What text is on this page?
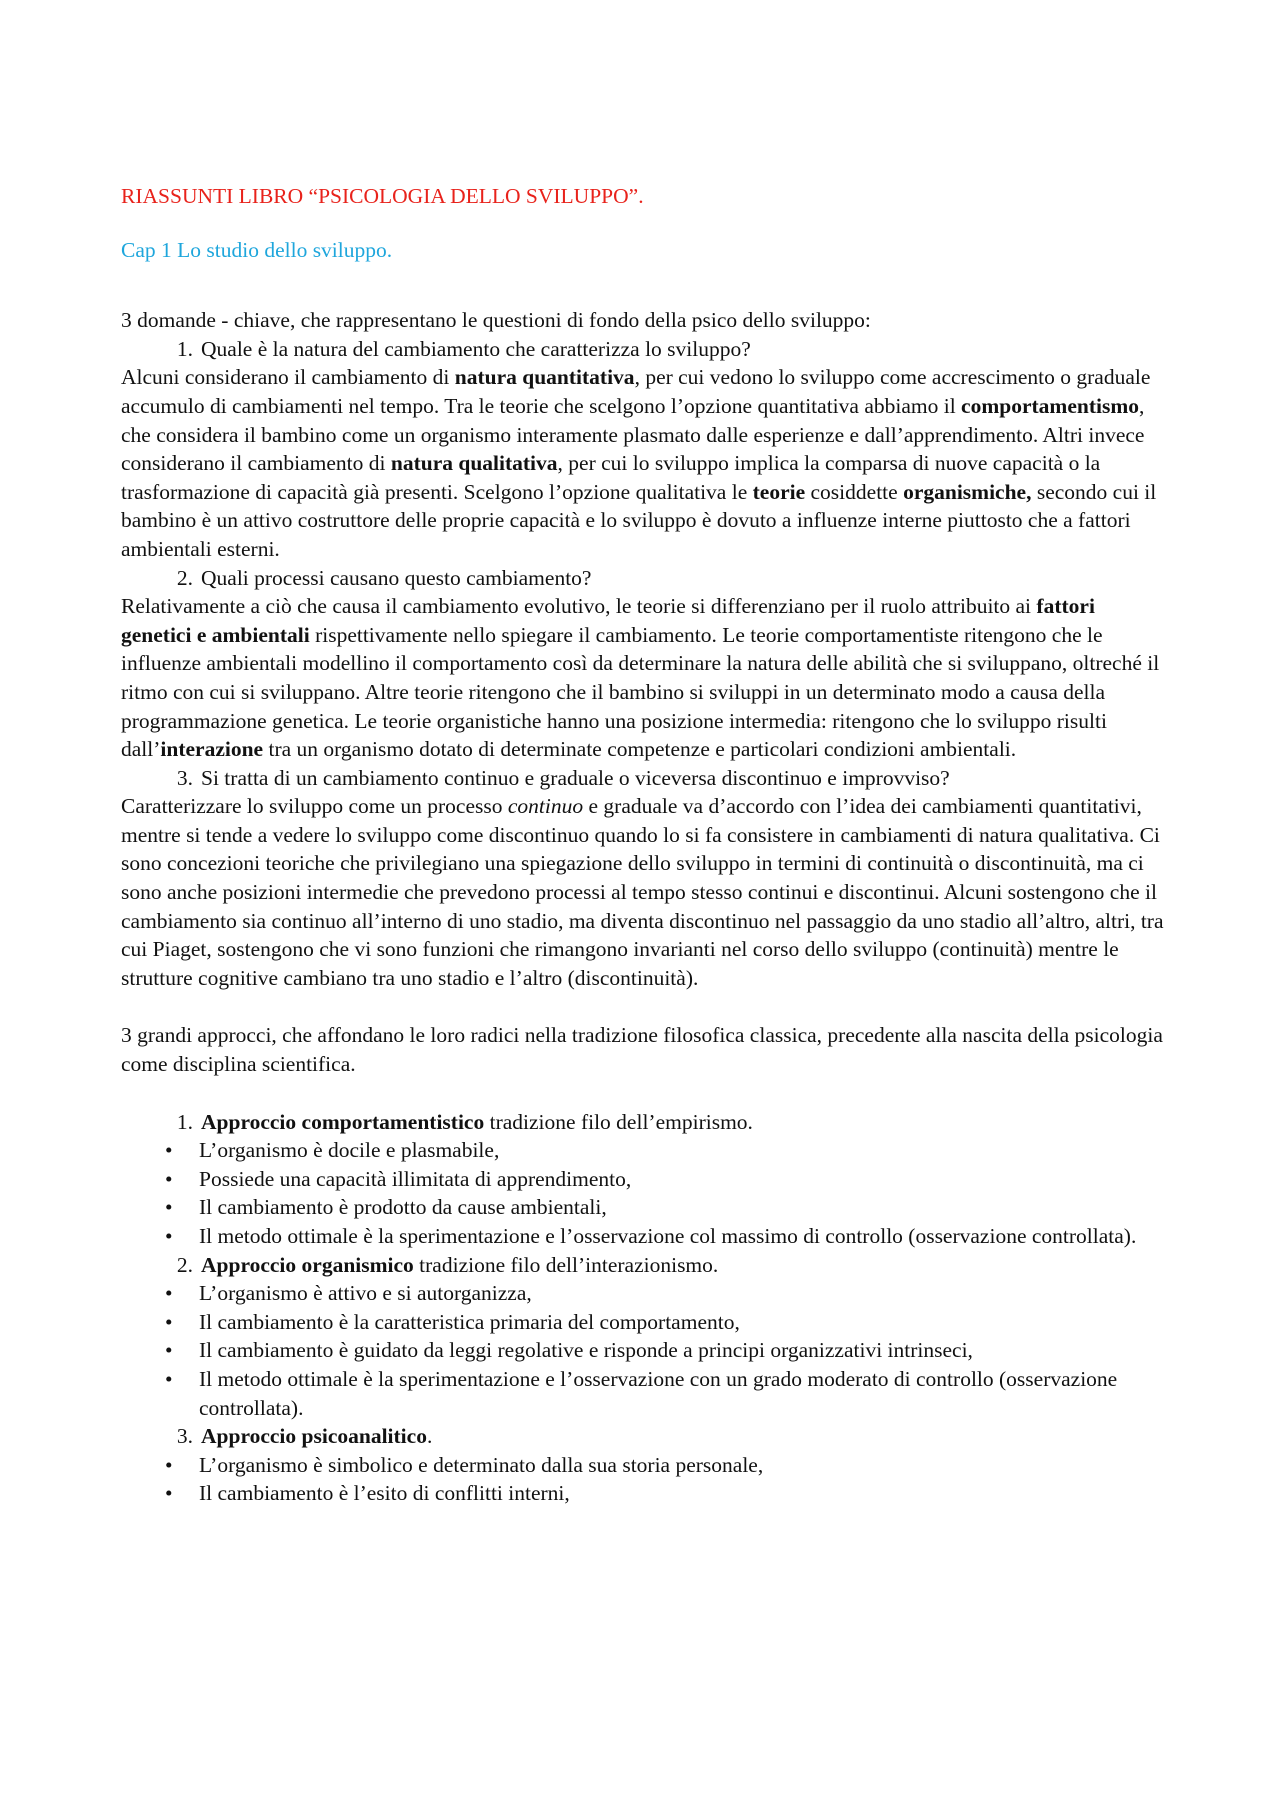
RIASSUNTI LIBRO “PSICOLOGIA DELLO SVILUPPO”.

Cap 1 Lo studio dello sviluppo.

3 domande - chiave, che rappresentano le questioni di fondo della psico dello sviluppo:

1. Quale è la natura del cambiamento che caratterizza lo sviluppo?

Alcuni considerano il cambiamento di natura quantitativa, per cui vedono lo sviluppo come accrescimento o graduale accumulo di cambiamenti nel tempo. Tra le teorie che scelgono l’opzione quantitativa abbiamo il comportamentismo, che considera il bambino come un organismo interamente plasmato dalle esperienze e dall’apprendimento. Altri invece considerano il cambiamento di natura qualitativa, per cui lo sviluppo implica la comparsa di nuove capacità o la trasformazione di capacità già presenti. Scelgono l’opzione qualitativa le teorie cosiddette organismiche, secondo cui il bambino è un attivo costruttore delle proprie capacità e lo sviluppo è dovuto a influenze interne piuttosto che a fattori ambientali esterni.

2. Quali processi causano questo cambiamento?

Relativamente a ciò che causa il cambiamento evolutivo, le teorie si differenziano per il ruolo attribuito ai fattori genetici e ambientali rispettivamente nello spiegare il cambiamento. Le teorie comportamentiste ritengono che le influenze ambientali modellino il comportamento così da determinare la natura delle abilità che si sviluppano, oltreché il ritmo con cui si sviluppano. Altre teorie ritengono che il bambino si sviluppi in un determinato modo a causa della programmazione genetica. Le teorie organistiche hanno una posizione intermedia: ritengono che lo sviluppo risulti dall’interazione tra un organismo dotato di determinate competenze e particolari condizioni ambientali.

3. Si tratta di un cambiamento continuo e graduale o viceversa discontinuo e improvviso?

Caratterizzare lo sviluppo come un processo continuo e graduale va d’accordo con l’idea dei cambiamenti quantitativi, mentre si tende a vedere lo sviluppo come discontinuo quando lo si fa consistere in cambiamenti di natura qualitativa. Ci sono concezioni teoriche che privilegiano una spiegazione dello sviluppo in termini di continuità o discontinuità, ma ci sono anche posizioni intermedie che prevedono processi al tempo stesso continui e discontinui. Alcuni sostengono che il cambiamento sia continuo all’interno di uno stadio, ma diventa discontinuo nel passaggio da uno stadio all’altro, altri, tra cui Piaget, sostengono che vi sono funzioni che rimangono invarianti nel corso dello sviluppo (continuità) mentre le strutture cognitive cambiano tra uno stadio e l’altro (discontinuità).

3 grandi approcci, che affondano le loro radici nella tradizione filosofica classica, precedente alla nascita della psicologia come disciplina scientifica.

1. Approccio comportamentistico tradizione filo dell’empirismo.
•	L’organismo è docile e plasmabile,
•	Possiede una capacità illimitata di apprendimento,
•	Il cambiamento è prodotto da cause ambientali,
•	Il metodo ottimale è la sperimentazione e l’osservazione col massimo di controllo (osservazione controllata).
2. Approccio organismico tradizione filo dell’interazionismo.
•	L’organismo è attivo e si autorganizza,
•	Il cambiamento è la caratteristica primaria del comportamento,
•	Il cambiamento è guidato da leggi regolative e risponde a principi organizzativi intrinseci,
•	Il metodo ottimale è la sperimentazione e l’osservazione con un grado moderato di controllo (osservazione controllata).
3. Approccio psicoanalitico.
•	L’organismo è simbolico e determinato dalla sua storia personale,
•	Il cambiamento è l’esito di conflitti interni,
